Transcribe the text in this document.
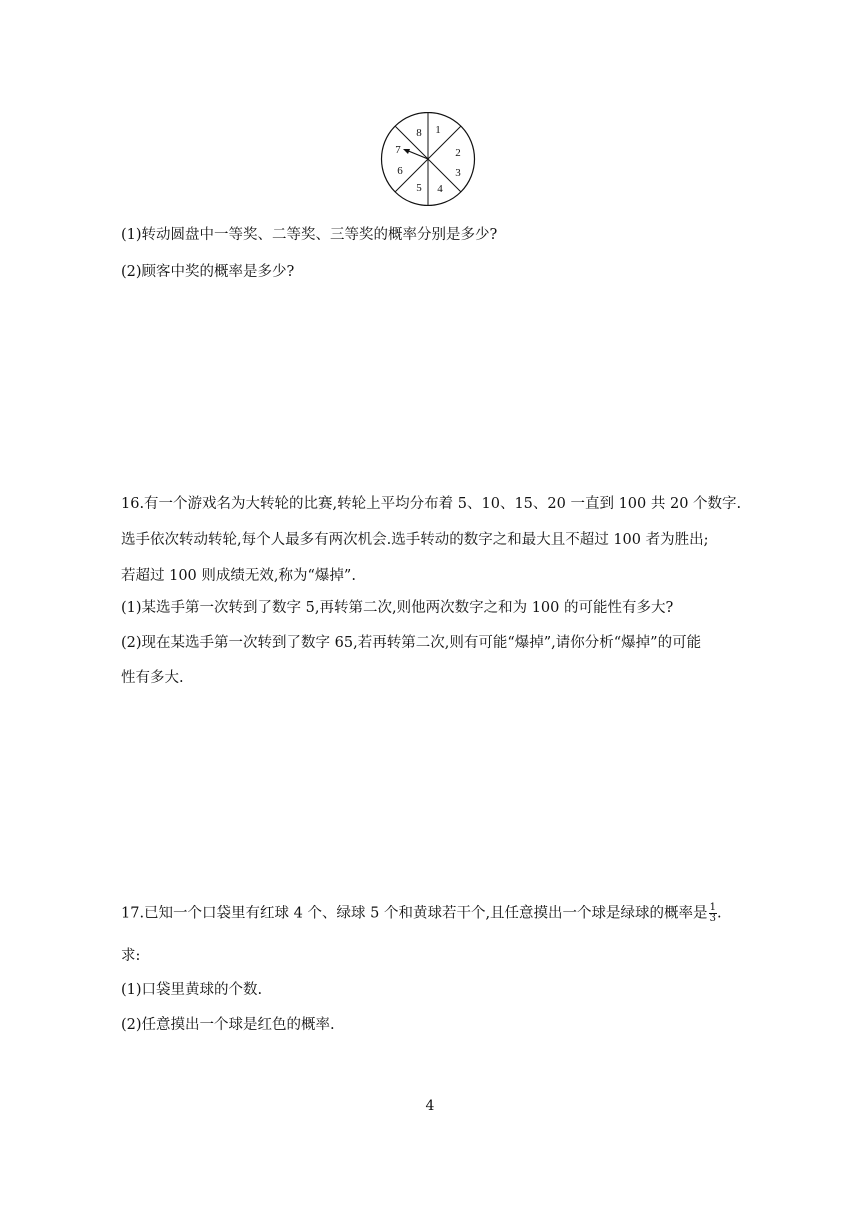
1
2
3
4
5
6
7
8
(1)转动圆盘中一等奖、二等奖、三等奖的概率分别是多少?
(2)顾客中奖的概率是多少?
16.有一个游戏名为大转轮的比赛,转轮上平均分布着 5、10、15、20 一直到 100 共 20 个数字.
选手依次转动转轮,每个人最多有两次机会.选手转动的数字之和最大且不超过 100 者为胜出;
若超过 100 则成绩无效,称为“爆掉”.
(1)某选手第一次转到了数字 5,再转第二次,则他两次数字之和为 100 的可能性有多大?
(2)现在某选手第一次转到了数字 65,若再转第二次,则有可能“爆掉”,请你分析“爆掉”的可能
性有多大.
17.已知一个口袋里有红球 4 个、绿球 5 个和黄球若干个,且任意摸出一个球是绿球的概率是 $\frac{1}{3}$ .
求:
(1)口袋里黄球的个数.
(2)任意摸出一个球是红色的概率.
4
